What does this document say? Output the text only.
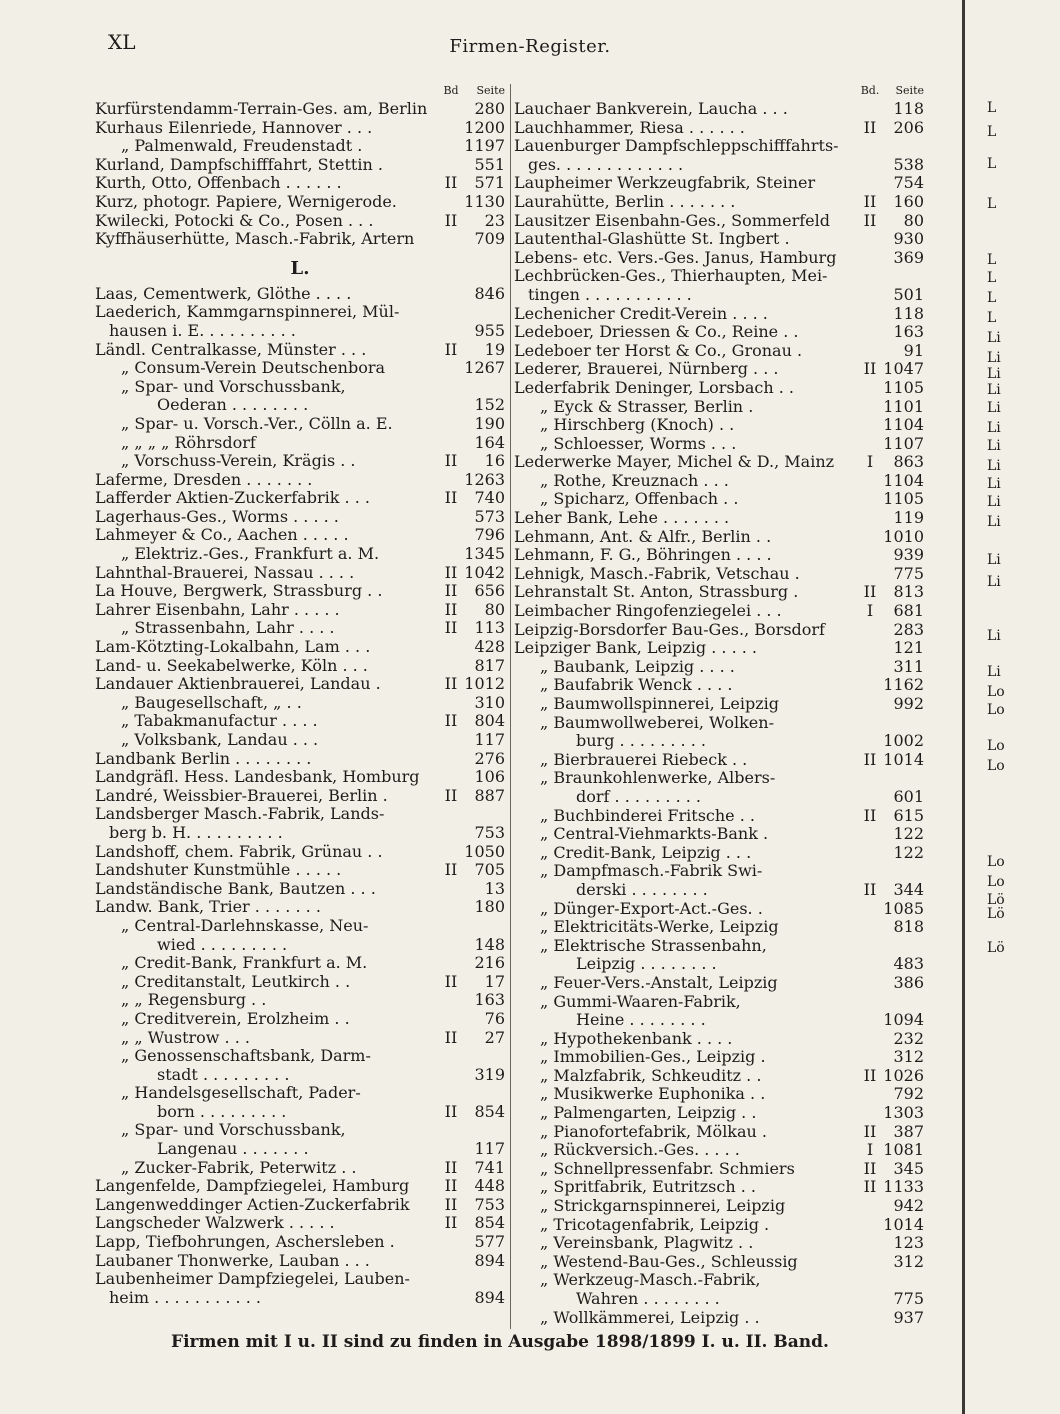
XL	Firmen-Register.
Bd Seite
Kurfürstendamm-Terrain-Ges. am, Berlin	280
Kurhaus Eilenriede, Hannover . . .	1200
„ Palmenwald, Freudenstadt .	1197
Kurland, Dampfschifffahrt, Stettin .	551
Kurth, Otto, Offenbach . . . . . .	II	571
Kurz, photogr. Papiere, Wernigerode.	1130
Kwilecki, Potocki & Co., Posen . . .	II	23
Kyffhäuserhütte, Masch.-Fabrik, Artern	709
L.
Laas, Cementwerk, Glöthe . . . .	846
Laederich, Kammgarnspinnerei, Mül-
hausen i. E. . . . . . . . . .	955
Ländl. Centralkasse, Münster . . .	II	19
„ Consum-Verein Deutschenbora	1267
„ Spar- und Vorschussbank,
Oederan . . . . . . . .	152
„ Spar- u. Vorsch.-Ver., Cölln a. E.	190
„ „ „ „ Röhrsdorf	164
„ Vorschuss-Verein, Krägis . .	II	16
Laferme, Dresden . . . . . . .	1263
Lafferder Aktien-Zuckerfabrik . . .	II	740
Lagerhaus-Ges., Worms . . . . .	573
Lahmeyer & Co., Aachen . . . . .	796
„ Elektriz.-Ges., Frankfurt a. M.	1345
Lahnthal-Brauerei, Nassau . . . .	II 1042
La Houve, Bergwerk, Strassburg . .	II	656
Lahrer Eisenbahn, Lahr . . . . .	II	80
„ Strassenbahn, Lahr . . . .	II	113
Lam-Kötzting-Lokalbahn, Lam . . .	428
Land- u. Seekabelwerke, Köln . . .	817
Landauer Aktienbrauerei, Landau .	II 1012
„ Baugesellschaft, „ . .	310
„ Tabakmanufactur . . . .	II	804
„ Volksbank, Landau . . .	117
Landbank Berlin . . . . . . . .	276
Landgräfl. Hess. Landesbank, Homburg	106
Landré, Weissbier-Brauerei, Berlin .	II	887
Landsberger Masch.-Fabrik, Lands-
berg b. H. . . . . . . . . .	753
Landshoff, chem. Fabrik, Grünau . .	1050
Landshuter Kunstmühle . . . . .	II	705
Landständische Bank, Bautzen . . .	13
Landw. Bank, Trier . . . . . . .	180
„ Central-Darlehnskasse, Neu-
wied . . . . . . . . .	148
„ Credit-Bank, Frankfurt a. M.	216
„ Creditanstalt, Leutkirch . .	II	17
„ „ Regensburg . .	163
„ Creditverein, Erolzheim . .	76
„ „ Wustrow . . .	II	27
„ Genossenschaftsbank, Darm-
stadt . . . . . . . . .	319
„ Handelsgesellschaft, Pader-
born . . . . . . . . .	II	854
„ Spar- und Vorschussbank,
Langenau . . . . . . .	117
„ Zucker-Fabrik, Peterwitz . .	II	741
Langenfelde, Dampfziegelei, Hamburg	II	448
Langenweddinger Actien-Zuckerfabrik	II	753
Langscheder Walzwerk . . . . .	II	854
Lapp, Tiefbohrungen, Aschersleben .	577
Laubaner Thonwerke, Lauban . . .	894
Laubenheimer Dampfziegelei, Lauben-
heim . . . . . . . . . . .	894
Bd. Seite
Lauchaer Bankverein, Laucha . . .	118
Lauchhammer, Riesa . . . . . .	II	206
Lauenburger Dampfschleppschifffahrts-
ges. . . . . . . . . . . . .	538
Laupheimer Werkzeugfabrik, Steiner	754
Laurahütte, Berlin . . . . . . .	II	160
Lausitzer Eisenbahn-Ges., Sommerfeld	II	80
Lautenthal-Glashütte St. Ingbert .	930
Lebens- etc. Vers.-Ges. Janus, Hamburg	369
Lechbrücken-Ges., Thierhaupten, Mei-
tingen . . . . . . . . . . .	501
Lechenicher Credit-Verein . . . .	118
Ledeboer, Driessen & Co., Reine . .	163
Ledeboer ter Horst & Co., Gronau .	91
Lederer, Brauerei, Nürnberg . . .	II 1047
Lederfabrik Deninger, Lorsbach . .	1105
„ Eyck & Strasser, Berlin .	1101
„ Hirschberg (Knoch) . .	1104
„ Schloesser, Worms . . .	1107
Lederwerke Mayer, Michel & D., Mainz	I	863
„ Rothe, Kreuznach . . .	1104
„ Spicharz, Offenbach . .	1105
Leher Bank, Lehe . . . . . . .	119
Lehmann, Ant. & Alfr., Berlin . .	1010
Lehmann, F. G., Böhringen . . . .	939
Lehnigk, Masch.-Fabrik, Vetschau .	775
Lehranstalt St. Anton, Strassburg .	II	813
Leimbacher Ringofenziegelei . . .	I	681
Leipzig-Borsdorfer Bau-Ges., Borsdorf	283
Leipziger Bank, Leipzig . . . . .	121
„ Baubank, Leipzig . . . .	311
„ Baufabrik Wenck . . . .	1162
„ Baumwollspinnerei, Leipzig	992
„ Baumwollweberei, Wolken-
burg . . . . . . . . .	1002
„ Bierbrauerei Riebeck . .	II 1014
„ Braunkohlenwerke, Albers-
dorf . . . . . . . . .	601
„ Buchbinderei Fritsche . .	II	615
„ Central-Viehmarkts-Bank .	122
„ Credit-Bank, Leipzig . . .	122
„ Dampfmasch.-Fabrik Swi-
derski . . . . . . . .	II	344
„ Dünger-Export-Act.-Ges. .	1085
„ Elektricitäts-Werke, Leipzig	818
„ Elektrische Strassenbahn,
Leipzig . . . . . . . .	483
„ Feuer-Vers.-Anstalt, Leipzig	386
„ Gummi-Waaren-Fabrik,
Heine . . . . . . . .	1094
„ Hypothekenbank . . . .	232
„ Immobilien-Ges., Leipzig .	312
„ Malzfabrik, Schkeuditz . .	II 1026
„ Musikwerke Euphonika . .	792
„ Palmengarten, Leipzig . .	1303
„ Pianofortefabrik, Mölkau .	II	387
„ Rückversich.-Ges. . . . .	I 1081
„ Schnellpressenfabr. Schmiers	II	345
„ Spritfabrik, Eutritzsch . .	II 1133
„ Strickgarnspinnerei, Leipzig	942
„ Tricotagenfabrik, Leipzig .	1014
„ Vereinsbank, Plagwitz . .	123
„ Westend-Bau-Ges., Schleussig	312
„ Werkzeug-Masch.-Fabrik,
Wahren . . . . . . . .	775
„ Wollkämmerei, Leipzig . .	937
Firmen mit I u. II sind zu finden in Ausgabe 1898/1899 I. u. II. Band.
L
L
L
L
L
L
L
L
Li
Li
Li
Li
Li
Li
Li
Li
Li
Li
Li
Li
Li
Li
Li
Lo
Lo
Lo
Lo
Lo
Lo
Lö
Lö
Lö
